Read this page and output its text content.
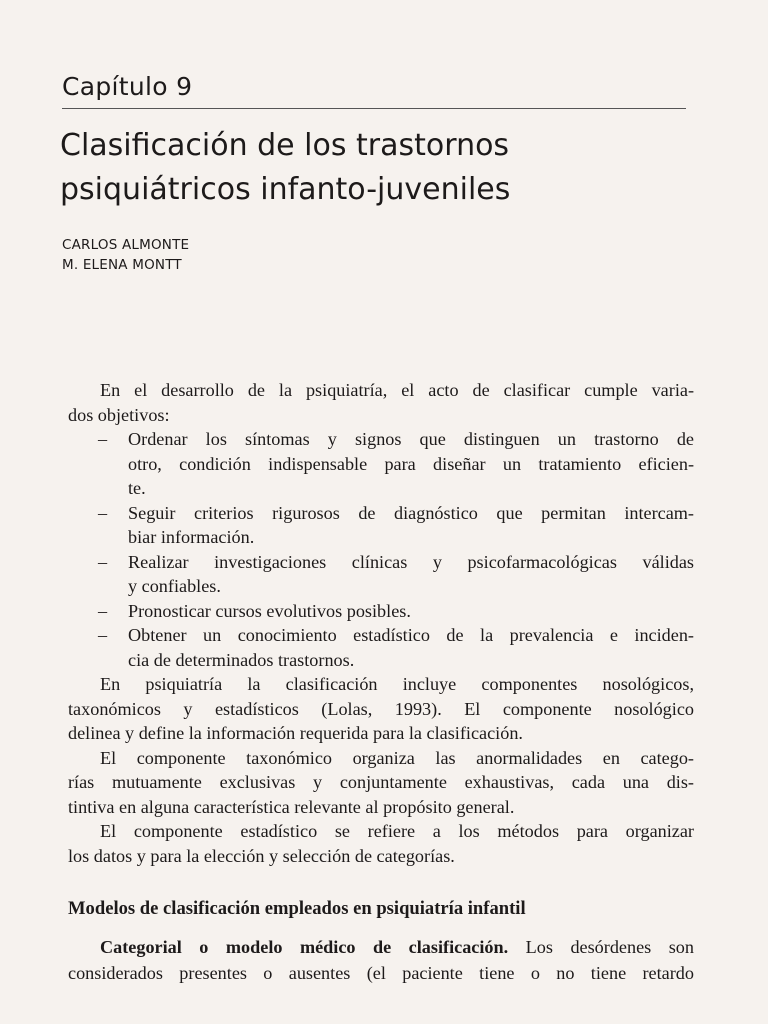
Capítulo 9
Clasificación de los trastornos
psiquiátricos infanto-juveniles
CARLOS ALMONTE
M. ELENA MONTT
En el desarrollo de la psiquiatría, el acto de clasificar cumple varia-
dos objetivos:
– Ordenar los síntomas y signos que distinguen un trastorno de
otro, condición indispensable para diseñar un tratamiento eficien-
te.
– Seguir criterios rigurosos de diagnóstico que permitan intercam-
biar información.
– Realizar investigaciones clínicas y psicofarmacológicas válidas
y confiables.
– Pronosticar cursos evolutivos posibles.
– Obtener un conocimiento estadístico de la prevalencia e inciden-
cia de determinados trastornos.
En psiquiatría la clasificación incluye componentes nosológicos,
taxonómicos y estadísticos (Lolas, 1993). El componente nosológico
delinea y define la información requerida para la clasificación.
El componente taxonómico organiza las anormalidades en catego-
rías mutuamente exclusivas y conjuntamente exhaustivas, cada una dis-
tintiva en alguna característica relevante al propósito general.
El componente estadístico se refiere a los métodos para organizar
los datos y para la elección y selección de categorías.
Modelos de clasificación empleados en psiquiatría infantil
Categorial o modelo médico de clasificación. Los desórdenes son
considerados presentes o ausentes (el paciente tiene o no tiene retardo
